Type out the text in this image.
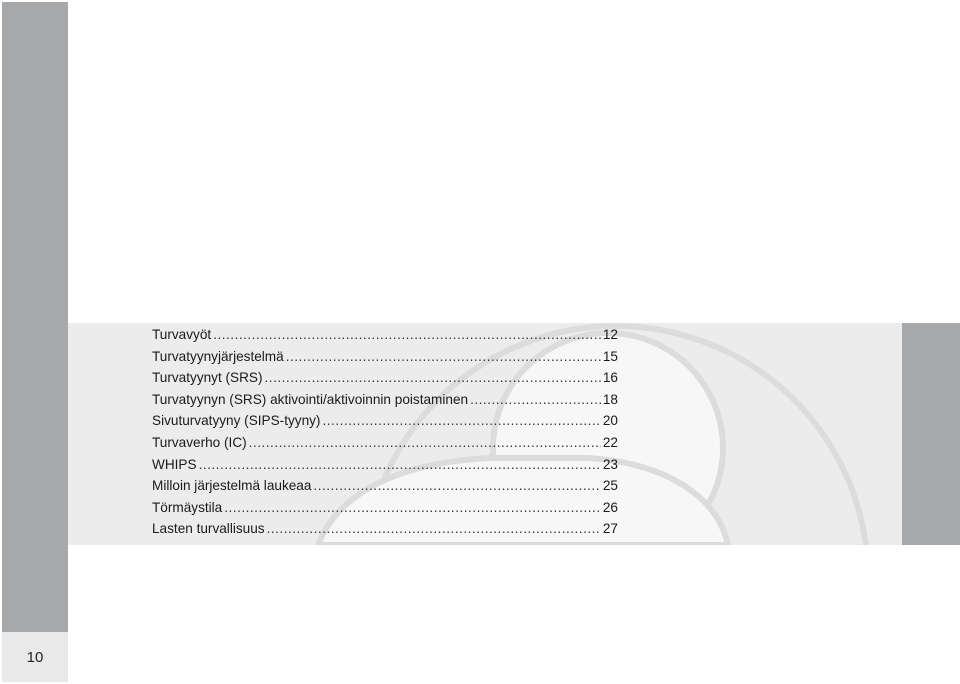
10
Turvavyöt .....	12
Turvatyynyjärjestelmä .....	15
Turvatyynyt (SRS) .....	16
Turvatyynyn (SRS) aktivointi/aktivoinnin poistaminen .....	18
Sivuturvatyyny (SIPS-tyyny) .....	20
Turvaverho (IC) .....	22
WHIPS .....	23
Milloin järjestelmä laukeaa .....	25
Törmäystila .....	26
Lasten turvallisuus .....	27
